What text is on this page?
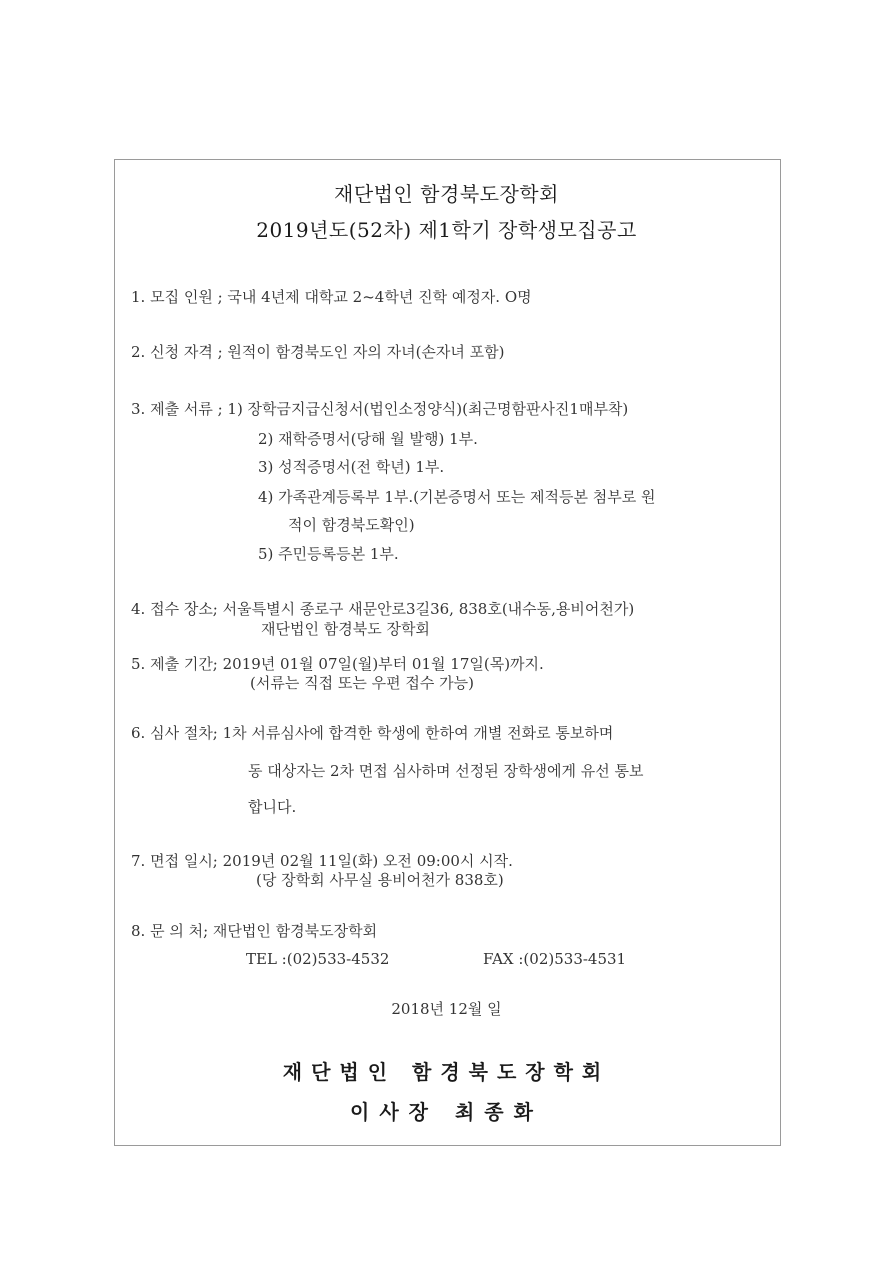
재단법인 함경북도장학회
2019년도(52차) 제1학기 장학생모집공고
1. 모집 인원 ; 국내 4년제 대학교 2~4학년 진학 예정자. O명
2. 신청 자격 ; 원적이 함경북도인 자의 자녀(손자녀 포함)
3. 제출 서류 ; 1) 장학금지급신청서(법인소정양식)(최근명함판사진1매부착)
2) 재학증명서(당해 월 발행) 1부.
3) 성적증명서(전 학년) 1부.
4) 가족관계등록부 1부.(기본증명서 또는 제적등본 첨부로 원
적이 함경북도확인)
5) 주민등록등본 1부.
4. 접수 장소; 서울특별시 종로구 새문안로3길36, 838호(내수동,용비어천가)
재단법인 함경북도 장학회
5. 제출 기간; 2019년 01월 07일(월)부터 01월 17일(목)까지.
(서류는 직접 또는 우편 접수 가능)
6. 심사 절차; 1차 서류심사에 합격한 학생에 한하여 개별 전화로 통보하며
동 대상자는 2차 면접 심사하며 선정된 장학생에게 유선 통보
합니다.
7. 면접 일시; 2019년 02월 11일(화) 오전 09:00시 시작.
(당 장학회 사무실 용비어천가 838호)
8. 문 의 처; 재단법인 함경북도장학회
TEL :(02)533-4532	FAX :(02)533-4531
2018년 12월 일
재단법인 함경북도장학회
이사장 최종화
